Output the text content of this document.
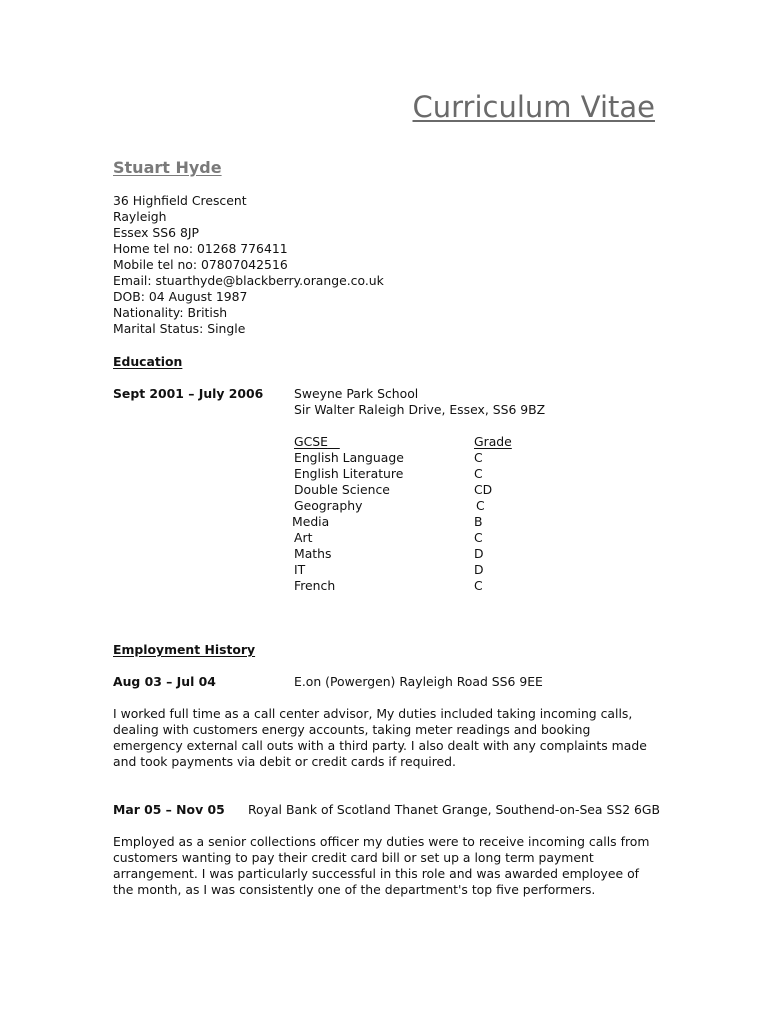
Curriculum Vitae
Stuart Hyde
36 Highfield Crescent
Rayleigh
Essex SS6 8JP
Home tel no: 01268 776411
Mobile tel no: 07807042516
Email: stuarthyde@blackberry.orange.co.uk
DOB: 04 August 1987
Nationality: British
Marital Status: Single
Education
Sept 2001 – July 2006 Sweyne Park School
Sir Walter Raleigh Drive, Essex, SS6 9BZ
GCSE	Grade
English Language	C
English Literature	C
Double Science	CD
Geography	C
Media	B
Art	C
Maths	D
IT	D
French	C
Employment History
Aug 03 – Jul 04	E.on (Powergen) Rayleigh Road SS6 9EE
I worked full time as a call center advisor, My duties included taking incoming calls, dealing with customers energy accounts, taking meter readings and booking emergency external call outs with a third party. I also dealt with any complaints made and took payments via debit or credit cards if required.
Mar 05 – Nov 05 Royal Bank of Scotland Thanet Grange, Southend-on-Sea SS2 6GB
Employed as a senior collections officer my duties were to receive incoming calls from customers wanting to pay their credit card bill or set up a long term payment arrangement. I was particularly successful in this role and was awarded employee of the month, as I was consistently one of the department's top five performers.
